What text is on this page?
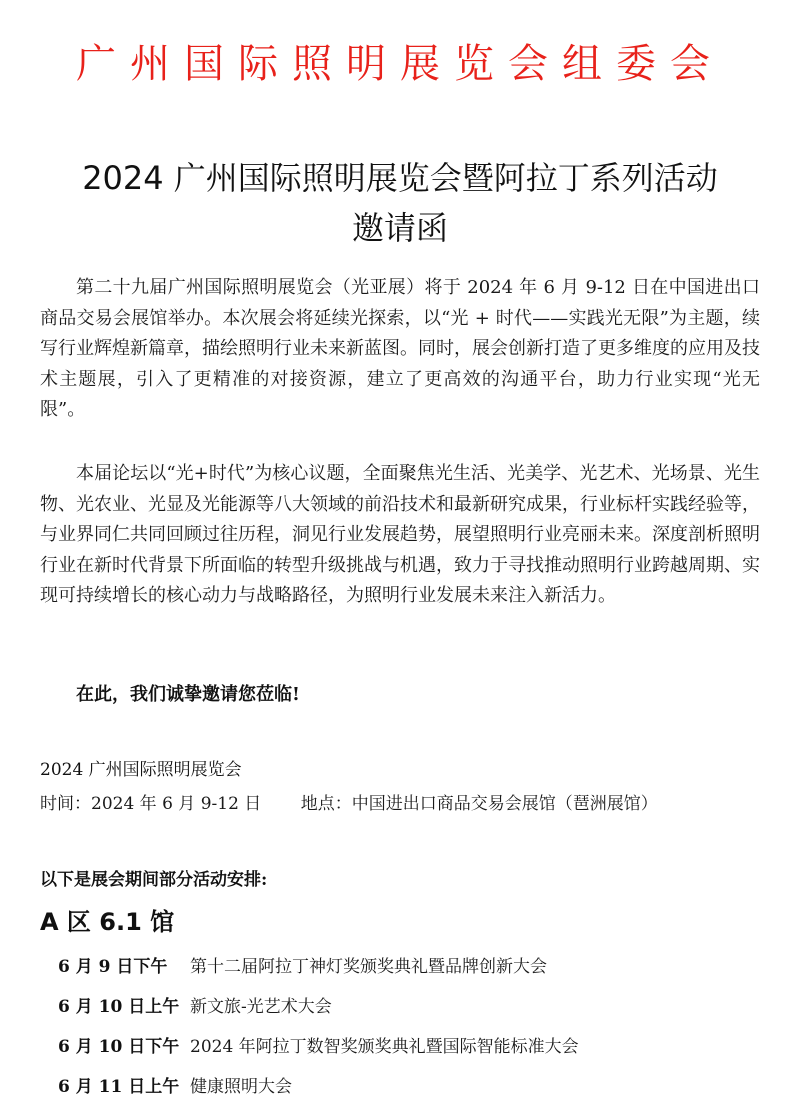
广州国际照明展览会组委会
2024 广州国际照明展览会暨阿拉丁系列活动
邀请函
第二十九届广州国际照明展览会（光亚展）将于 2024 年 6 月 9-12 日在中国进出口商品交易会展馆举办。本次展会将延续光探索，以“光 + 时代——实践光无限”为主题，续写行业辉煌新篇章，描绘照明行业未来新蓝图。同时，展会创新打造了更多维度的应用及技术主题展，引入了更精准的对接资源，建立了更高效的沟通平台，助力行业实现“光无限”。
本届论坛以“光+时代”为核心议题，全面聚焦光生活、光美学、光艺术、光场景、光生物、光农业、光显及光能源等八大领域的前沿技术和最新研究成果，行业标杆实践经验等，与业界同仁共同回顾过往历程，洞见行业发展趋势，展望照明行业亮丽未来。深度剖析照明行业在新时代背景下所面临的转型升级挑战与机遇，致力于寻找推动照明行业跨越周期、实现可持续增长的核心动力与战略路径，为照明行业发展未来注入新活力。
在此，我们诚挚邀请您莅临!
2024 广州国际照明展览会
时间：2024 年 6 月 9-12 日 地点：中国进出口商品交易会展馆（琶洲展馆）
以下是展会期间部分活动安排:
A 区 6.1 馆
6 月 9 日下午 第十二届阿拉丁神灯奖颁奖典礼暨品牌创新大会
6 月 10 日上午 新文旅-光艺术大会
6 月 10 日下午 2024 年阿拉丁数智奖颁奖典礼暨国际智能标准大会
6 月 11 日上午 健康照明大会
